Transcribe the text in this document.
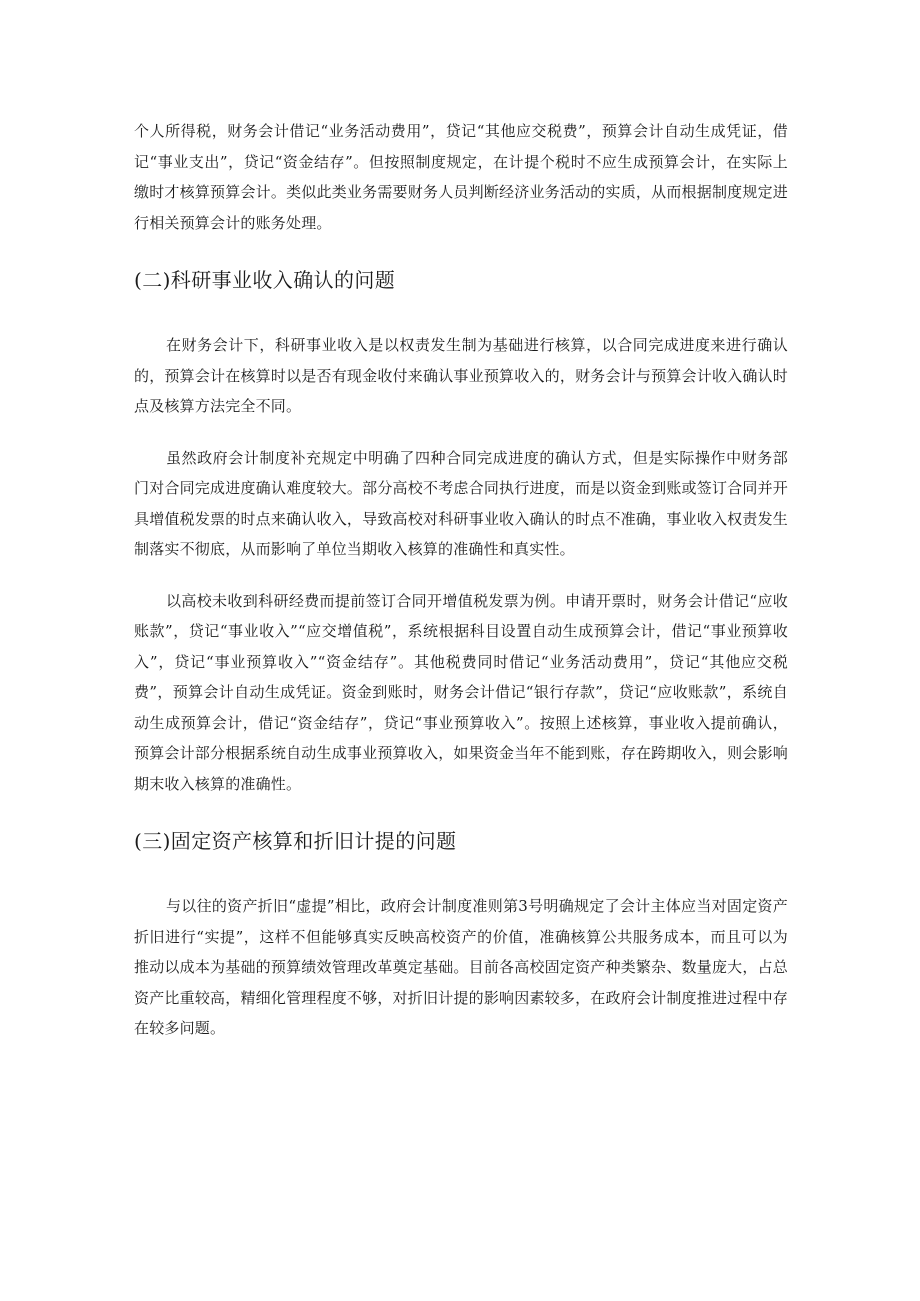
个人所得税，财务会计借记“业务活动费用”，贷记“其他应交税费”，预算会计自动生成凭证，借记“事业支出”，贷记“资金结存”。但按照制度规定，在计提个税时不应生成预算会计，在实际上缴时才核算预算会计。类似此类业务需要财务人员判断经济业务活动的实质，从而根据制度规定进行相关预算会计的账务处理。

(二)科研事业收入确认的问题

在财务会计下，科研事业收入是以权责发生制为基础进行核算，以合同完成进度来进行确认的，预算会计在核算时以是否有现金收付来确认事业预算收入的，财务会计与预算会计收入确认时点及核算方法完全不同。

虽然政府会计制度补充规定中明确了四种合同完成进度的确认方式，但是实际操作中财务部门对合同完成进度确认难度较大。部分高校不考虑合同执行进度，而是以资金到账或签订合同并开具增值税发票的时点来确认收入，导致高校对科研事业收入确认的时点不准确，事业收入权责发生制落实不彻底，从而影响了单位当期收入核算的准确性和真实性。

以高校未收到科研经费而提前签订合同开增值税发票为例。申请开票时，财务会计借记“应收账款”，贷记“事业收入”“应交增值税”，系统根据科目设置自动生成预算会计，借记“事业预算收入”，贷记“事业预算收入”“资金结存”。其他税费同时借记“业务活动费用”，贷记“其他应交税费”，预算会计自动生成凭证。资金到账时，财务会计借记“银行存款”，贷记“应收账款”，系统自动生成预算会计，借记“资金结存”，贷记“事业预算收入”。按照上述核算，事业收入提前确认，预算会计部分根据系统自动生成事业预算收入，如果资金当年不能到账，存在跨期收入，则会影响期末收入核算的准确性。

(三)固定资产核算和折旧计提的问题

与以往的资产折旧“虚提”相比，政府会计制度准则第3号明确规定了会计主体应当对固定资产折旧进行“实提”，这样不但能够真实反映高校资产的价值，准确核算公共服务成本，而且可以为推动以成本为基础的预算绩效管理改革奠定基础。目前各高校固定资产种类繁杂、数量庞大，占总资产比重较高，精细化管理程度不够，对折旧计提的影响因素较多，在政府会计制度推进过程中存在较多问题。
